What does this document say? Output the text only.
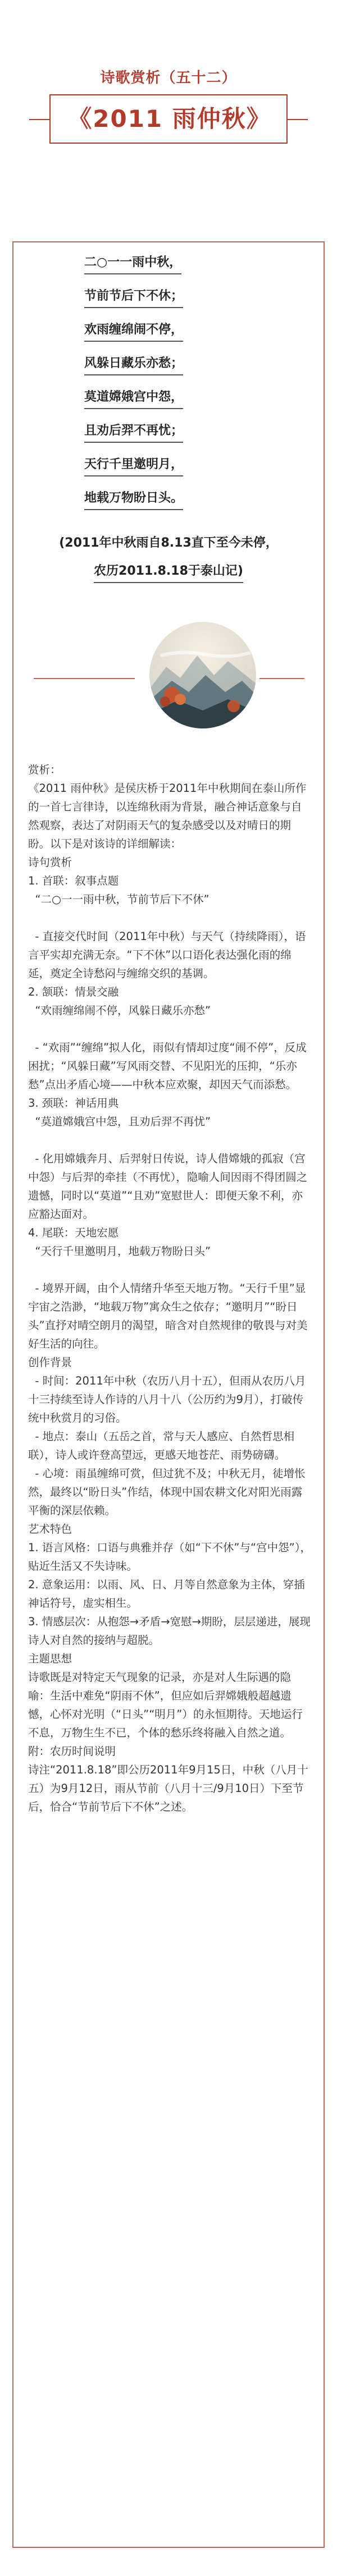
诗歌赏析（五十二）
《2011 雨仲秋》
二○一一雨中秋，
节前节后下不休；
欢雨缠绵闹不停，
风躲日藏乐亦愁；
莫道嫦娥宫中怨，
且劝后羿不再忧；
天行千里邀明月，
地载万物盼日头。
(2011年中秋雨自8.13直下至今未停，
农历2011.8.18于泰山记)

赏析：

《2011 雨仲秋》是侯庆桥于2011年中秋期间在泰山所作的一首七言律诗，以连绵秋雨为背景，融合神话意象与自然观察，表达了对阴雨天气的复杂感受以及对晴日的期盼。以下是对该诗的详细解读：

诗句赏析

1. 首联：叙事点题

“二○一一雨中秋，节前节后下不休”

- 直接交代时间（2011年中秋）与天气（持续降雨），语言平实却充满无奈。“下不休”以口语化表达强化雨的绵延，奠定全诗愁闷与缠绵交织的基调。

2. 颔联：情景交融

“欢雨缠绵闹不停，风躲日藏乐亦愁”

- “欢雨”“缠绵”拟人化，雨似有情却过度“闹不停”，反成困扰；“风躲日藏”写风雨交替、不见阳光的压抑，“乐亦愁”点出矛盾心境——中秋本应欢聚，却因天气而添愁。

3. 颈联：神话用典

“莫道嫦娥宫中怨，且劝后羿不再忧”

- 化用嫦娥奔月、后羿射日传说，诗人借嫦娥的孤寂（宫中怨）与后羿的牵挂（不再忧），隐喻人间因雨不得团圆之遗憾，同时以“莫道”“且劝”宽慰世人：即便天象不利，亦应豁达面对。

4. 尾联：天地宏愿

“天行千里邀明月，地载万物盼日头”

- 境界开阔，由个人情绪升华至天地万物。“天行千里”显宇宙之浩渺，“地载万物”寓众生之依存；“邀明月”“盼日头”直抒对晴空朗月的渴望，暗含对自然规律的敬畏与对美好生活的向往。

创作背景

- 时间：2011年中秋（农历八月十五），但雨从农历八月十三持续至诗人作诗的八月十八（公历约为9月），打破传统中秋赏月的习俗。

- 地点：泰山（五岳之首，常与天人感应、自然哲思相联），诗人或许登高望远，更感天地苍茫、雨势磅礴。

- 心境：雨虽缠绵可赏，但过犹不及；中秋无月，徒增怅然，最终以“盼日头”作结，体现中国农耕文化对阳光雨露平衡的深层依赖。

艺术特色

1. 语言风格：口语与典雅并存（如“下不休”与“宫中怨”），贴近生活又不失诗味。

2. 意象运用：以雨、风、日、月等自然意象为主体，穿插神话符号，虚实相生。

3. 情感层次：从抱怨→矛盾→宽慰→期盼，层层递进，展现诗人对自然的接纳与超脱。

主题思想

诗歌既是对特定天气现象的记录，亦是对人生际遇的隐喻：生活中难免“阴雨不休”，但应如后羿嫦娥般超越遗憾，心怀对光明（“日头”“明月”）的永恒期待。天地运行不息，万物生生不已，个体的愁乐终将融入自然之道。

附：农历时间说明

诗注“2011.8.18”即公历2011年9月15日，中秋（八月十五）为9月12日，雨从节前（八月十三/9月10日）下至节后，恰合“节前节后下不休”之述。
